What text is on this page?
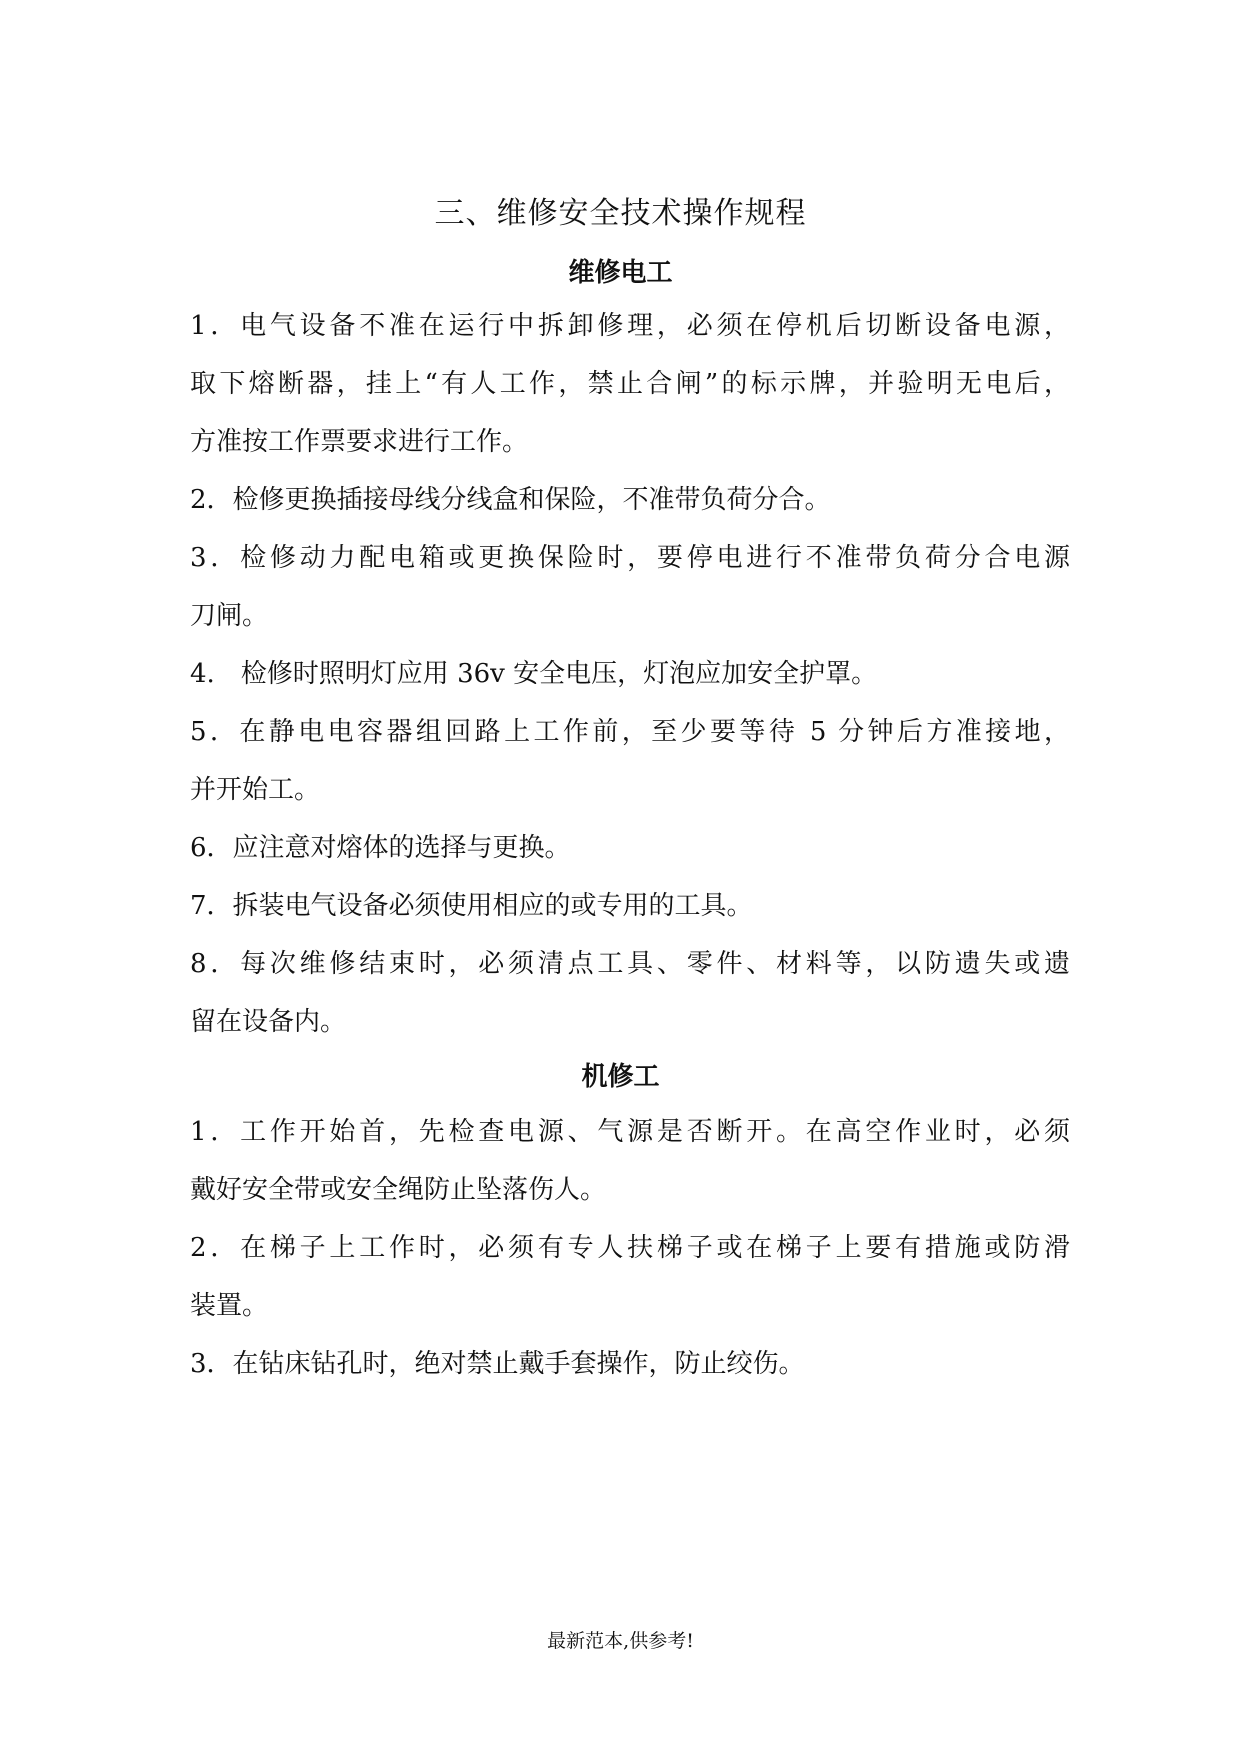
三、维修安全技术操作规程
维修电工
1．电气设备不准在运行中拆卸修理，必须在停机后切断设备电源，
取下熔断器，挂上“有人工作，禁止合闸”的标示牌，并验明无电后，
方准按工作票要求进行工作。
2．检修更换插接母线分线盒和保险，不准带负荷分合。
3．检修动力配电箱或更换保险时，要停电进行不准带负荷分合电源
刀闸。
4.　检修时照明灯应用 36v 安全电压，灯泡应加安全护罩。
5．在静电电容器组回路上工作前，至少要等待 5 分钟后方准接地，
并开始工。
6．应注意对熔体的选择与更换。
7．拆装电气设备必须使用相应的或专用的工具。
8．每次维修结束时，必须清点工具、零件、材料等，以防遗失或遗
留在设备内。
机修工
1．工作开始首，先检查电源、气源是否断开。在高空作业时，必须
戴好安全带或安全绳防止坠落伤人。
2．在梯子上工作时，必须有专人扶梯子或在梯子上要有措施或防滑
装置。
3．在钻床钻孔时，绝对禁止戴手套操作，防止绞伤。
最新范本,供参考!
